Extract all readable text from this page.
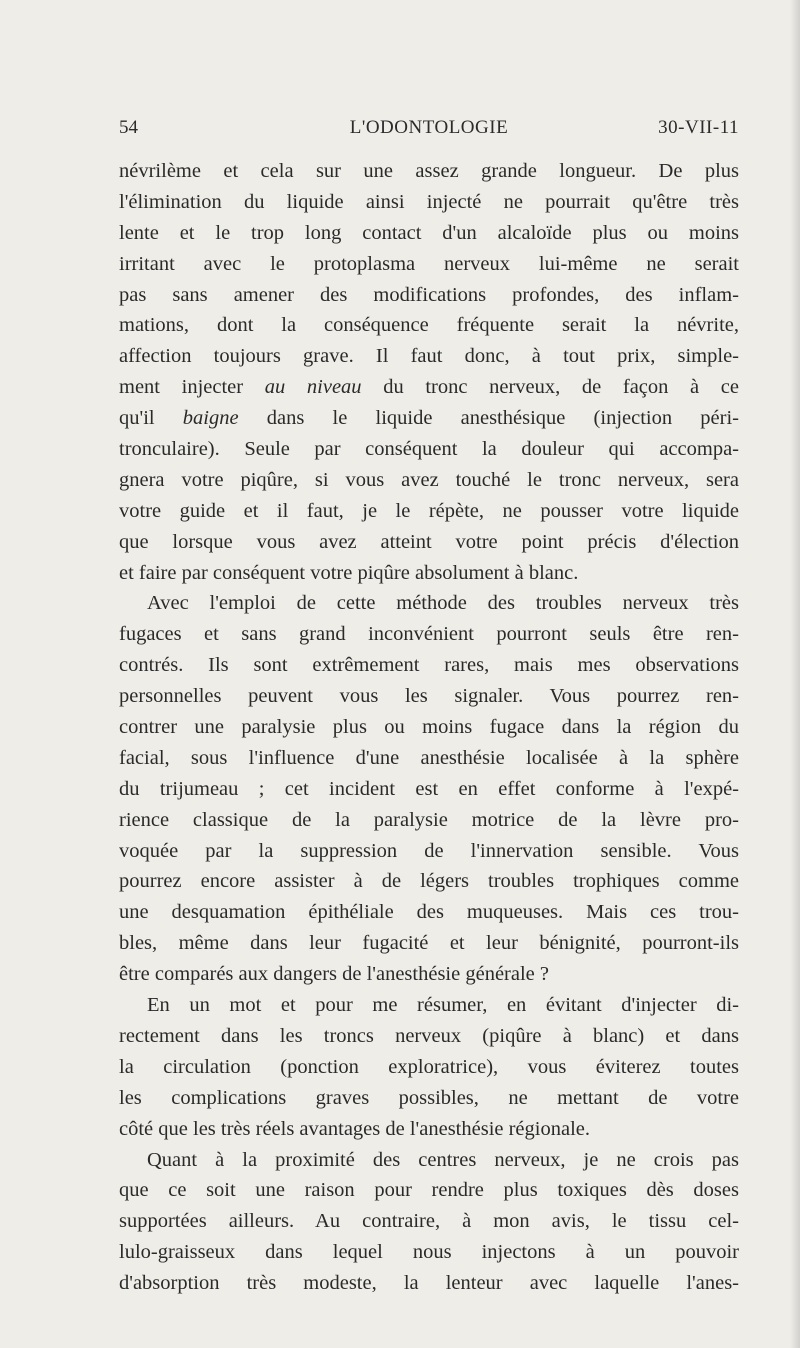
54	L'ODONTOLOGIE	30-VII-11
névrilème et cela sur une assez grande longueur. De plus
l'élimination du liquide ainsi injecté ne pourrait qu'être très
lente et le trop long contact d'un alcaloïde plus ou moins
irritant avec le protoplasma nerveux lui-même ne serait
pas sans amener des modifications profondes, des inflam-
mations, dont la conséquence fréquente serait la névrite,
affection toujours grave. Il faut donc, à tout prix, simple-
ment injecter au niveau du tronc nerveux, de façon à ce
qu'il baigne dans le liquide anesthésique (injection péri-
tronculaire). Seule par conséquent la douleur qui accompa-
gnera votre piqûre, si vous avez touché le tronc nerveux, sera
votre guide et il faut, je le répète, ne pousser votre liquide
que lorsque vous avez atteint votre point précis d'élection
et faire par conséquent votre piqûre absolument à blanc.
Avec l'emploi de cette méthode des troubles nerveux très
fugaces et sans grand inconvénient pourront seuls être ren-
contrés. Ils sont extrêmement rares, mais mes observations
personnelles peuvent vous les signaler. Vous pourrez ren-
contrer une paralysie plus ou moins fugace dans la région du
facial, sous l'influence d'une anesthésie localisée à la sphère
du trijumeau ; cet incident est en effet conforme à l'expé-
rience classique de la paralysie motrice de la lèvre pro-
voquée par la suppression de l'innervation sensible. Vous
pourrez encore assister à de légers troubles trophiques comme
une desquamation épithéliale des muqueuses. Mais ces trou-
bles, même dans leur fugacité et leur bénignité, pourront-ils
être comparés aux dangers de l'anesthésie générale ?
En un mot et pour me résumer, en évitant d'injecter di-
rectement dans les troncs nerveux (piqûre à blanc) et dans
la circulation (ponction exploratrice), vous éviterez toutes
les complications graves possibles, ne mettant de votre
côté que les très réels avantages de l'anesthésie régionale.
Quant à la proximité des centres nerveux, je ne crois pas
que ce soit une raison pour rendre plus toxiques dès doses
supportées ailleurs. Au contraire, à mon avis, le tissu cel-
lulo-graisseux dans lequel nous injectons à un pouvoir
d'absorption très modeste, la lenteur avec laquelle l'anes-
